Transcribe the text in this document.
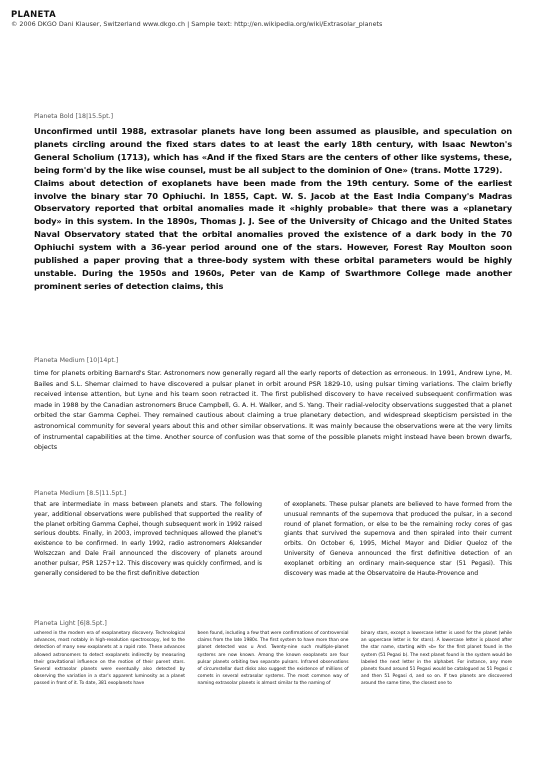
PLANETA
© 2006 DKGO Dani Klauser, Switzerland www.dkgo.ch | Sample text: http://en.wikipedia.org/wiki/Extrasolar_planets
Planeta Bold [18|15.5pt.]

Unconfirmed until 1988, extrasolar planets have long been assumed as plausible, and speculation on planets circling around the fixed stars dates to at least the early 18th century, with Isaac Newton's General Scholium (1713), which has «And if the fixed Stars are the centers of other like systems, these, being form'd by the like wise counsel, must be all subject to the dominion of One» (trans. Motte 1729).

Claims about detection of exoplanets have been made from the 19th century. Some of the earliest involve the binary star 70 Ophiuchi. In 1855, Capt. W. S. Jacob at the East India Company's Madras Observatory reported that orbital anomalies made it «highly probable» that there was a «planetary body» in this system. In the 1890s, Thomas J. J. See of the University of Chicago and the United States Naval Observatory stated that the orbital anomalies proved the existence of a dark body in the 70 Ophiuchi system with a 36-year period around one of the stars. However, Forest Ray Moulton soon published a paper proving that a three-body system with these orbital parameters would be highly unstable. During the 1950s and 1960s, Peter van de Kamp of Swarthmore College made another prominent series of detection claims, this

Planeta Medium [10|14pt.]
time for planets orbiting Barnard's Star. Astronomers now generally regard all the early reports of detection as erroneous. In 1991, Andrew Lyne, M. Bailes and S.L. Shemar claimed to have discovered a pulsar planet in orbit around PSR 1829-10, using pulsar timing variations. The claim briefly received intense attention, but Lyne and his team soon retracted it. The first published discovery to have received subsequent confirmation was made in 1988 by the Canadian astronomers Bruce Campbell, G. A. H. Walker, and S. Yang. Their radial-velocity observations suggested that a planet orbited the star Gamma Cephei. They remained cautious about claiming a true planetary detection, and widespread skepticism persisted in the astronomical community for several years about this and other similar observations. It was mainly because the observations were at the very limits of instrumental capabilities at the time. Another source of confusion was that some of the possible planets might instead have been brown dwarfs, objects
Planeta Medium [8.5|11.5pt.]
that are intermediate in mass between planets and stars. The following year, additional observations were published that supported the reality of the planet orbiting Gamma Cephei, though subsequent work in 1992 raised serious doubts. Finally, in 2003, improved techniques allowed the planet's existence to be confirmed. In early 1992, radio astronomers Aleksander Wolszczan and Dale Frail announced the discovery of planets around another pulsar, PSR 1257+12. This discovery was quickly confirmed, and is generally considered to be the first definitive detection
of exoplanets. These pulsar planets are believed to have formed from the unusual remnants of the supernova that produced the pulsar, in a second round of planet formation, or else to be the remaining rocky cores of gas giants that survived the supernova and then spiraled into their current orbits. On October 6, 1995, Michel Mayor and Didier Queloz of the University of Geneva announced the first definitive detection of an exoplanet orbiting an ordinary main-sequence star (51 Pegasi). This discovery was made at the Observatoire de Haute-Provence and
Planeta Light [6|8.5pt.]
ushered in the modern era of exoplanetary discovery. Technological advances, most notably in high-resolution spectroscopy, led to the detection of many new exoplanets at a rapid rate. These advances allowed astronomers to detect exoplanets indirectly by measuring their gravitational influence on the motion of their parent stars. Several extrasolar planets were eventually also detected by observing the variation in a star's apparent luminosity as a planet passed in front of it. To date, 381 exoplanets have
been found, including a few that were confirmations of controversial claims from the late 1980s. The first system to have more than one planet detected was u And. Twenty-nine such multiple-planet systems are now known. Among the known exoplanets are four pulsar planets orbiting two separate pulsars. Infrared observations of circumstellar dust disks also suggest the existence of millions of comets in several extrasolar systems. The most common way of naming extrasolar planets is almost similar to the naming of
binary stars, except a lowercase letter is used for the planet (while an uppercase letter is for stars). A lowercase letter is placed after the star name, starting with «b» for the first planet found in the system (51 Pegasi b). The next planet found in the system would be labeled the next letter in the alphabet. For instance, any more planets found around 51 Pegasi would be catalogued as 51 Pegasi c and then 51 Pegasi d, and so on. If two planets are discovered around the same time, the closest one to
